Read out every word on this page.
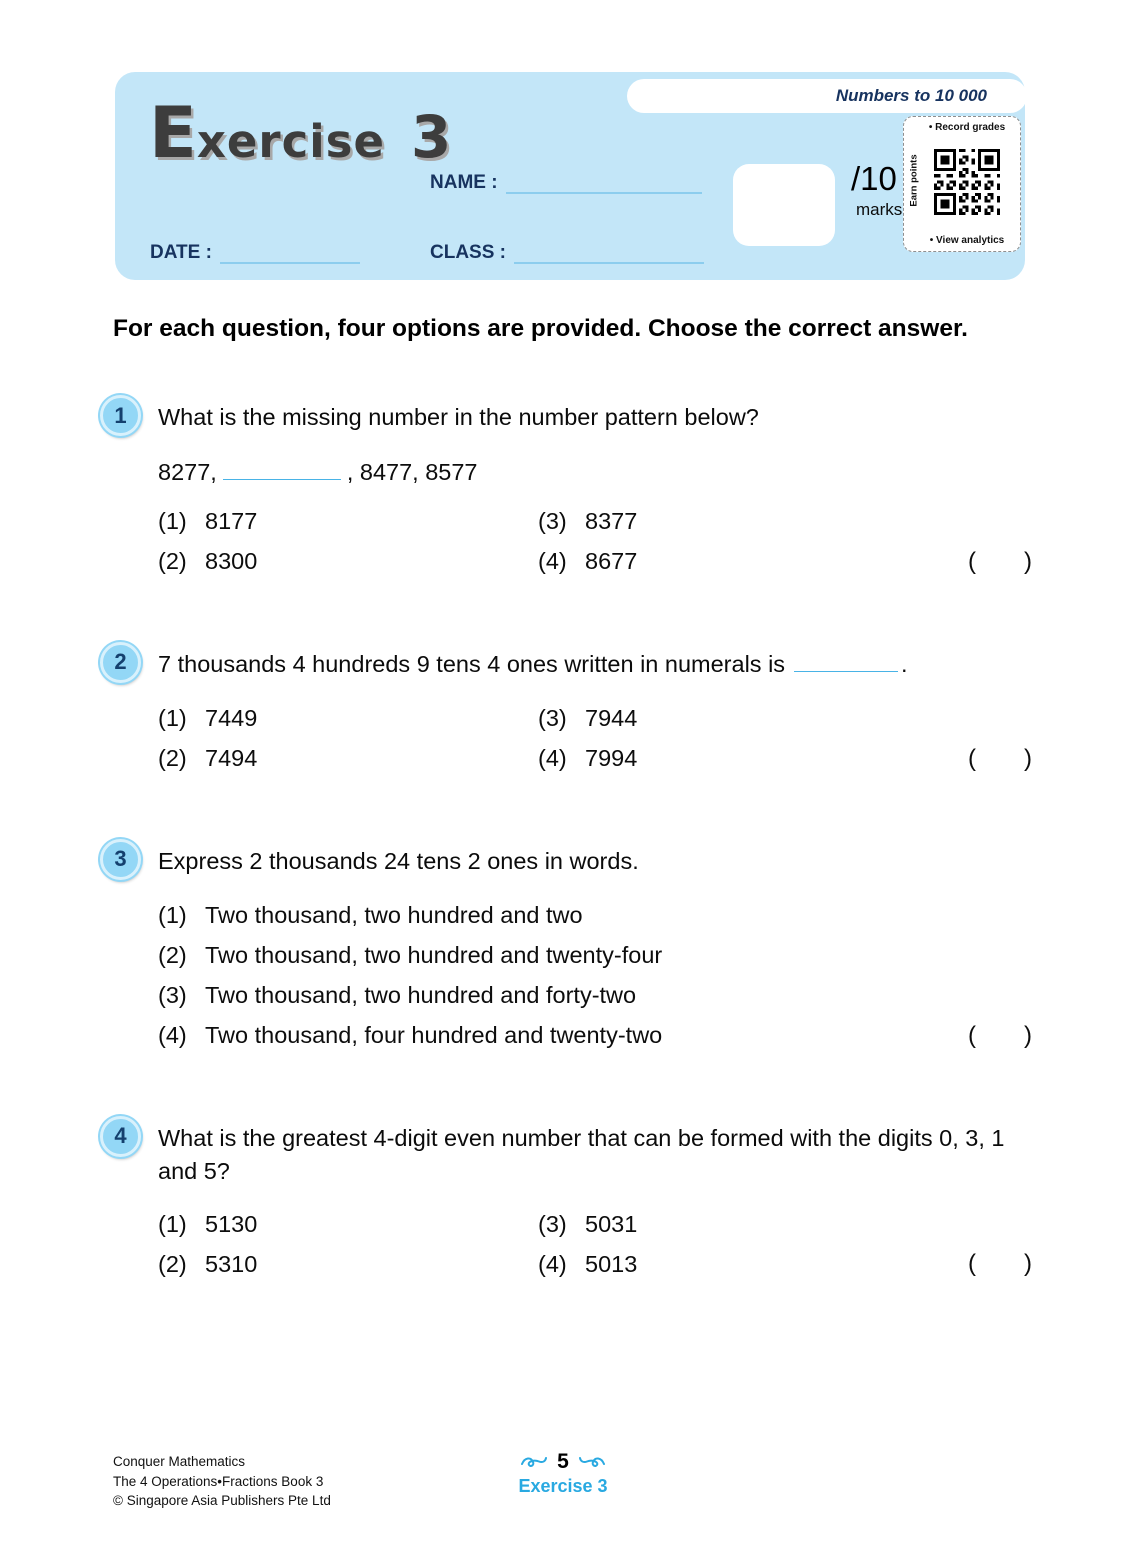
Numbers to 10 000
Exercise 3
NAME :
DATE :	CLASS :
/10
marks
• Record grades
Earn points
• View analytics

For each question, four options are provided. Choose the correct answer.

1	What is the missing number in the number pattern below?
8277,	, 8477, 8577
(1) 8177	(3) 8377
(2) 8300	(4) 8677	( )
2	7 thousands 4 hundreds 9 tens 4 ones written in numerals is	.
(1) 7449	(3) 7944
(2) 7494	(4) 7994	( )
3	Express 2 thousands 24 tens 2 ones in words.
(1) Two thousand, two hundred and two
(2) Two thousand, two hundred and twenty-four
(3) Two thousand, two hundred and forty-two
(4) Two thousand, four hundred and twenty-two	( )
4	What is the greatest 4-digit even number that can be formed with the digits 0, 3, 1 and 5?
(1) 5130	(3) 5031
(2) 5310	(4) 5013	( )
Conquer Mathematics
The 4 Operations•Fractions Book 3
© Singapore Asia Publishers Pte Ltd
5
Exercise 3
